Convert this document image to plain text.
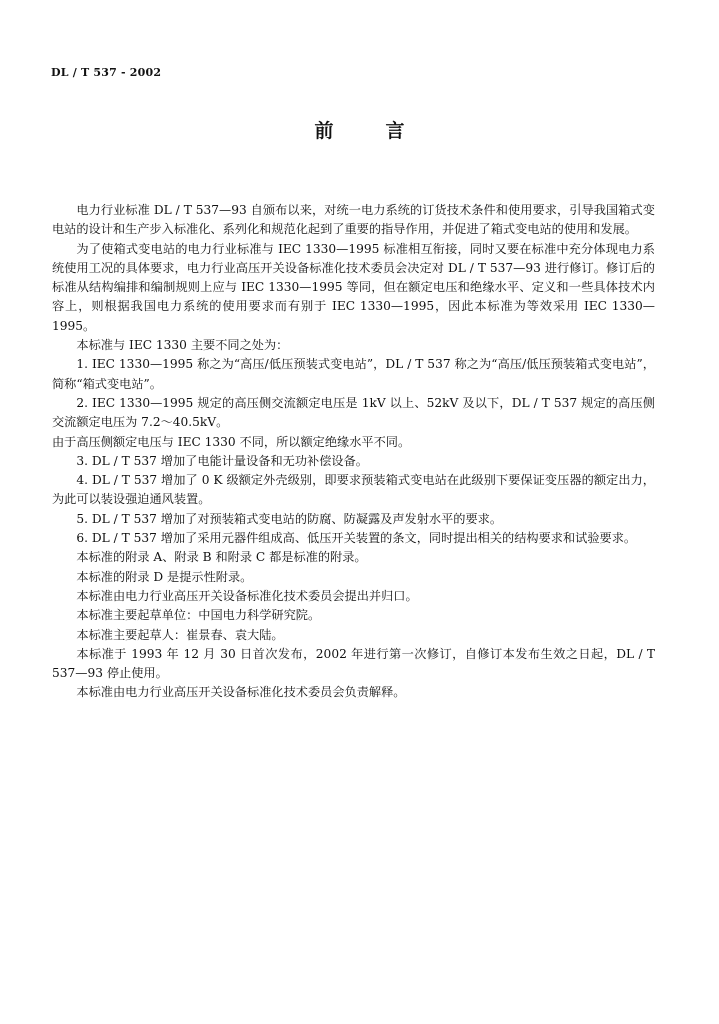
DL / T 537 - 2002
前言

电力行业标准 DL / T 537—93 自颁布以来，对统一电力系统的订货技术条件和使用要求，引导我国箱式变电站的设计和生产步入标准化、系列化和规范化起到了重要的指导作用，并促进了箱式变电站的使用和发展。

为了使箱式变电站的电力行业标准与 IEC 1330—1995 标准相互衔接，同时又要在标准中充分体现电力系统使用工况的具体要求，电力行业高压开关设备标准化技术委员会决定对 DL / T 537—93 进行修订。修订后的标准从结构编排和编制规则上应与 IEC 1330—1995 等同，但在额定电压和绝缘水平、定义和一些具体技术内容上，则根据我国电力系统的使用要求而有别于 IEC 1330—1995，因此本标准为等效采用 IEC 1330—1995。

本标准与 IEC 1330 主要不同之处为：

1. IEC 1330—1995 称之为“高压/低压预装式变电站”，DL / T 537 称之为“高压/低压预装箱式变电站”，简称“箱式变电站”。

2. IEC 1330—1995 规定的高压侧交流额定电压是 1kV 以上、52kV 及以下，DL / T 537 规定的高压侧交流额定电压为 7.2～40.5kV。

由于高压侧额定电压与 IEC 1330 不同，所以额定绝缘水平不同。

3. DL / T 537 增加了电能计量设备和无功补偿设备。

4. DL / T 537 增加了 0 K 级额定外壳级别，即要求预装箱式变电站在此级别下要保证变压器的额定出力，为此可以装设强迫通风装置。

5. DL / T 537 增加了对预装箱式变电站的防腐、防凝露及声发射水平的要求。

6. DL / T 537 增加了采用元器件组成高、低压开关装置的条文，同时提出相关的结构要求和试验要求。

本标准的附录 A、附录 B 和附录 C 都是标准的附录。

本标准的附录 D 是提示性附录。

本标准由电力行业高压开关设备标准化技术委员会提出并归口。

本标准主要起草单位：中国电力科学研究院。

本标准主要起草人：崔景春、袁大陆。

本标准于 1993 年 12 月 30 日首次发布，2002 年进行第一次修订，自修订本发布生效之日起，DL / T 537—93 停止使用。

本标准由电力行业高压开关设备标准化技术委员会负责解释。
